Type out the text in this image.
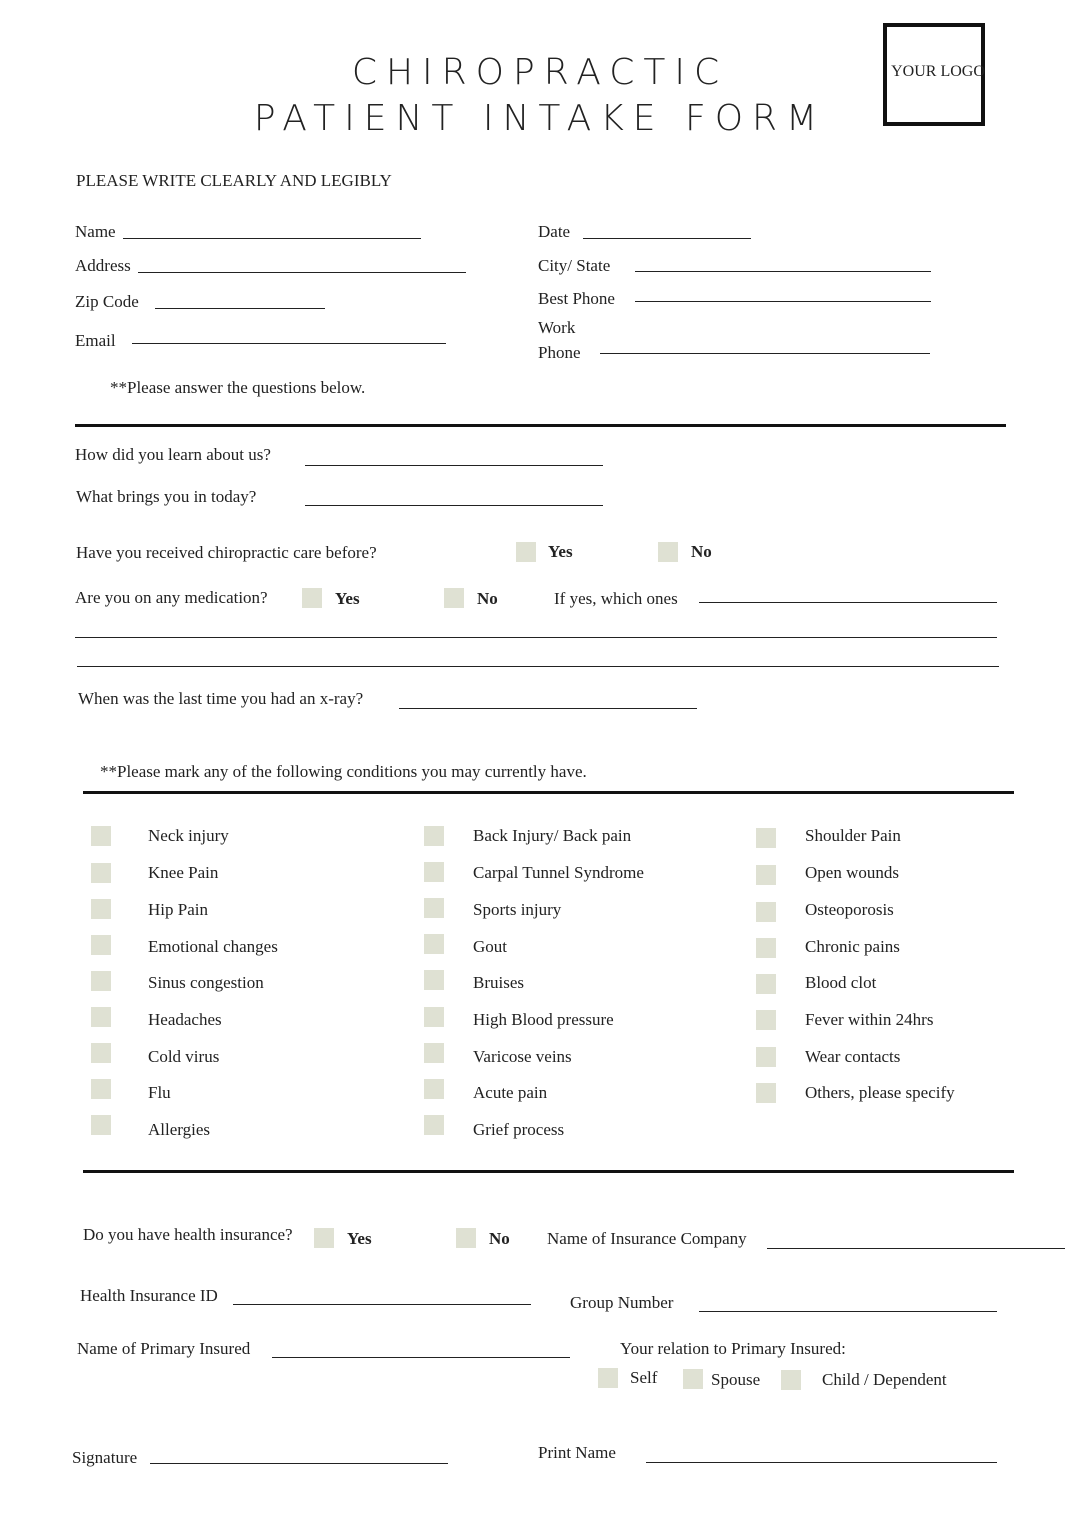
CHIROPRACTIC
PATIENT INTAKE FORM
YOUR LOGO
PLEASE WRITE CLEARLY AND LEGIBLY
Name
Address
Zip Code
Email
Date
City/ State
Best Phone
Work
Phone
**Please answer the questions below.
How did you learn about us?
What brings you in today?
Have you received chiropractic care before?	Yes	No
Are you on any medication?	Yes	No	If yes, which ones
When was the last time you had an x-ray?
**Please mark any of the following conditions you may currently have.
Neck injury
Knee Pain
Hip Pain
Emotional changes
Sinus congestion
Headaches
Cold virus
Flu
Allergies
Back Injury/ Back pain
Carpal Tunnel Syndrome
Sports injury
Gout
Bruises
High Blood pressure
Varicose veins
Acute pain
Grief process
Shoulder Pain
Open wounds
Osteoporosis
Chronic pains
Blood clot
Fever within 24hrs
Wear contacts
Others, please specify
Do you have health insurance?	Yes	No Name of Insurance Company
Health Insurance ID	Group Number
Name of Primary Insured	Your relation to Primary Insured:
Self	Spouse	Child / Dependent
Signature	Print Name
